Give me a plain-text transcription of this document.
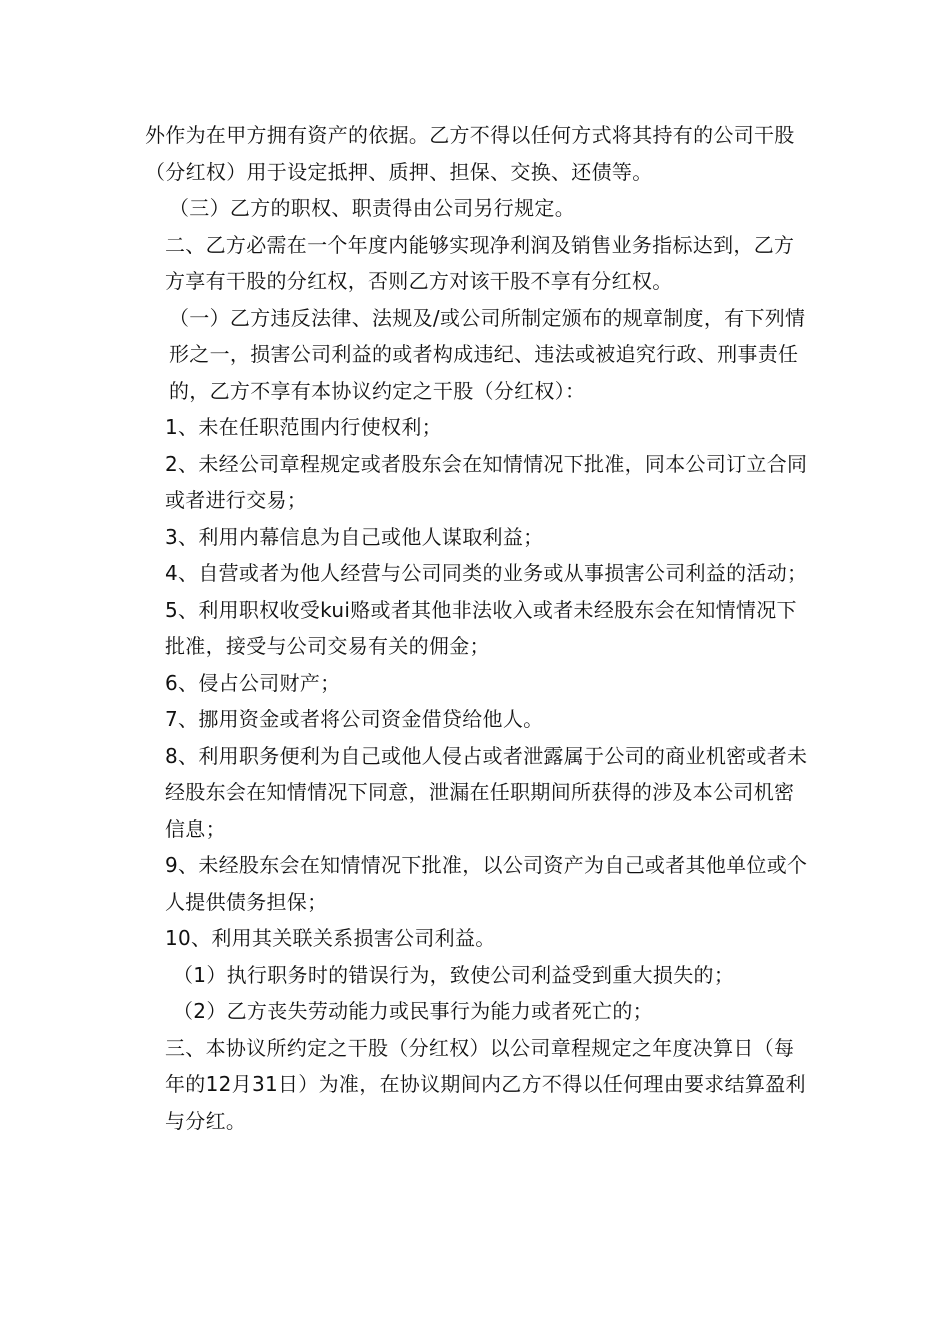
外作为在甲方拥有资产的依据。乙方不得以任何方式将其持有的公司干股（分红权）用于设定抵押、质押、担保、交换、还债等。

（三）乙方的职权、职责得由公司另行规定。

二、乙方必需在一个年度内能够实现净利润及销售业务指标达到，乙方方享有干股的分红权，否则乙方对该干股不享有分红权。

（一）乙方违反法律、法规及/或公司所制定颁布的规章制度，有下列情形之一，损害公司利益的或者构成违纪、违法或被追究行政、刑事责任的，乙方不享有本协议约定之干股（分红权）：

1、未在任职范围内行使权利；

2、未经公司章程规定或者股东会在知情情况下批准，同本公司订立合同或者进行交易；

3、利用内幕信息为自己或他人谋取利益；

4、自营或者为他人经营与公司同类的业务或从事损害公司利益的活动；

5、利用职权收受kui赂或者其他非法收入或者未经股东会在知情情况下批准，接受与公司交易有关的佣金；

6、侵占公司财产；

7、挪用资金或者将公司资金借贷给他人。

8、利用职务便利为自己或他人侵占或者泄露属于公司的商业机密或者未经股东会在知情情况下同意，泄漏在任职期间所获得的涉及本公司机密信息；

9、未经股东会在知情情况下批准，以公司资产为自己或者其他单位或个人提供债务担保；

10、利用其关联关系损害公司利益。

（1）执行职务时的错误行为，致使公司利益受到重大损失的；

（2）乙方丧失劳动能力或民事行为能力或者死亡的；

三、本协议所约定之干股（分红权）以公司章程规定之年度决算日（每年的12月31日）为准，在协议期间内乙方不得以任何理由要求结算盈利与分红。
